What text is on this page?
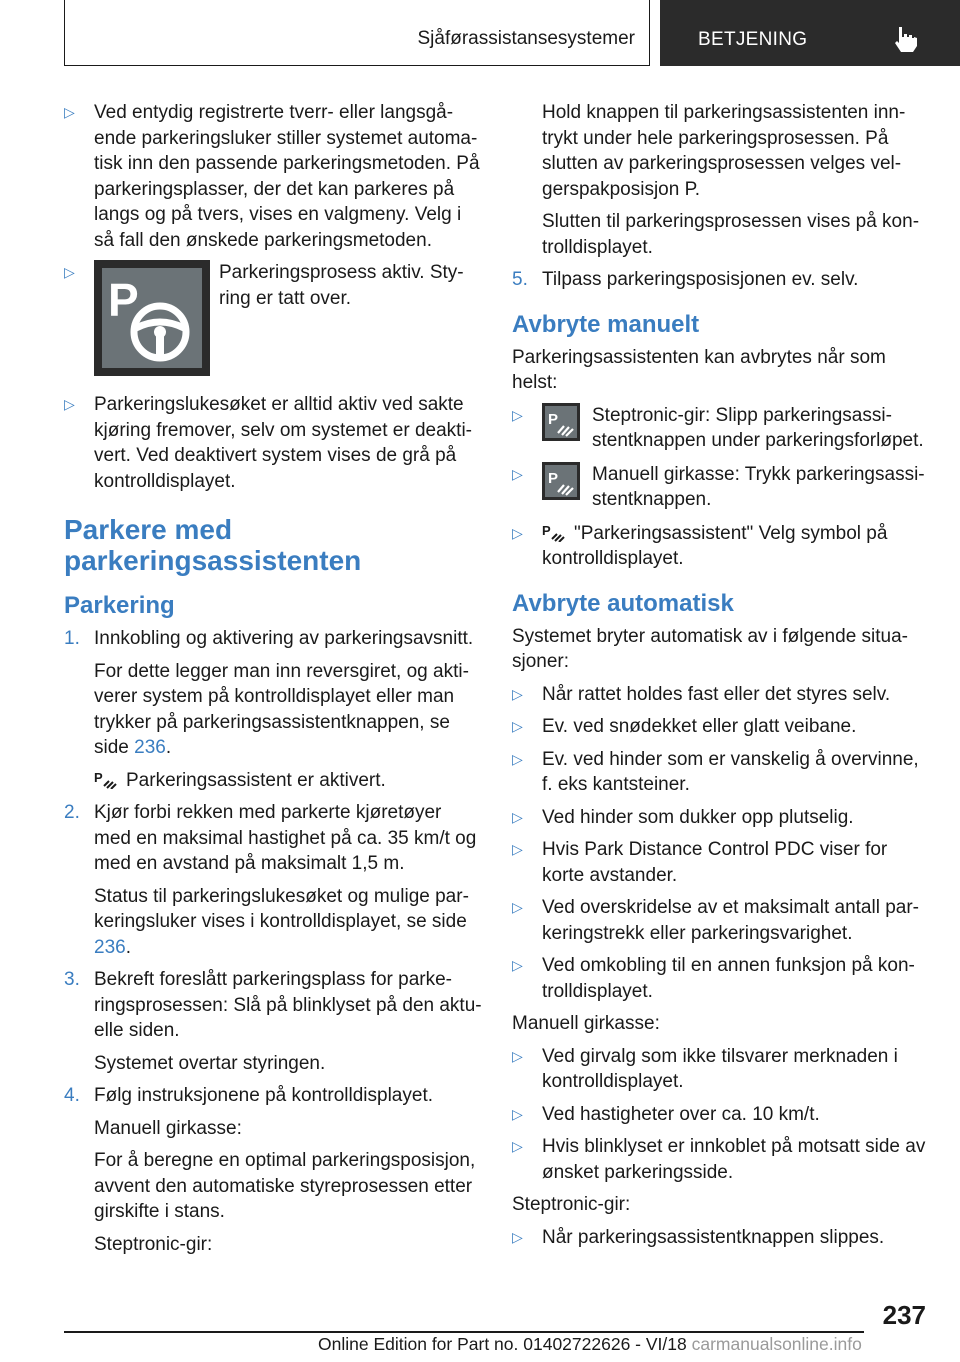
Sjåførassistansesystemer	BETJENING
▷	Ved entydig registrerte tverr- eller langsgående parkeringsluker stiller systemet automatisk inn den passende parkeringsmetoden. På parkeringsplasser, der det kan parkeres på langs og på tvers, vises en valgmeny. Velg i så fall den ønskede parkeringsmetoden.
▷
P
Parkeringsprosess aktiv. Styring er tatt over.
▷	Parkeringslukesøket er alltid aktiv ved sakte kjøring fremover, selv om systemet er deaktivert. Ved deaktivert system vises de grå på kontrolldisplayet.
Parkere med parkeringsassistenten
Parkering
1. Innkobling og aktivering av parkeringsavsnitt.
For dette legger man inn reversgiret, og aktiverer system på kontrolldisplayet eller man trykker på parkeringsassistentknappen, se side 236.
P Parkeringsassistent er aktivert.
2. Kjør forbi rekken med parkerte kjøretøyer med en maksimal hastighet på ca. 35 km/t og med en avstand på maksimalt 1,5 m.
Status til parkeringslukesøket og mulige parkeringsluker vises i kontrolldisplayet, se side 236.
3. Bekreft foreslått parkeringsplass for parkeringsprosessen: Slå på blinklyset på den aktuelle siden.
Systemet overtar styringen.
4. Følg instruksjonene på kontrolldisplayet.
Manuell girkasse:
For å beregne en optimal parkeringsposisjon, avvent den automatiske styreprosessen etter girskifte i stans.
Steptronic-gir:
Hold knappen til parkeringsassistenten inntrykt under hele parkeringsprosessen. På slutten av parkeringsprosessen velges velgerspakposisjon P.
Slutten til parkeringsprosessen vises på kontrolldisplayet.
5. Tilpass parkeringsposisjonen ev. selv.
Avbryte manuelt
Parkeringsassistenten kan avbrytes når som helst:
▷ P	Steptronic-gir: Slipp parkeringsassistentknappen under parkeringsforløpet.
▷ P	Manuell girkasse: Trykk parkeringsassistentknappen.
▷	P "Parkeringsassistent" Velg symbol på kontrolldisplayet.
Avbryte automatisk
Systemet bryter automatisk av i følgende situasjoner:
▷	Når rattet holdes fast eller det styres selv.
▷	Ev. ved snødekket eller glatt veibane.
▷	Ev. ved hinder som er vanskelig å overvinne, f. eks kantsteiner.
▷	Ved hinder som dukker opp plutselig.
▷	Hvis Park Distance Control PDC viser for korte avstander.
▷	Ved overskridelse av et maksimalt antall parkeringstrekk eller parkeringsvarighet.
▷	Ved omkobling til en annen funksjon på kontrolldisplayet.
Manuell girkasse:
▷	Ved girvalg som ikke tilsvarer merknaden i kontrolldisplayet.
▷	Ved hastigheter over ca. 10 km/t.
▷	Hvis blinklyset er innkoblet på motsatt side av ønsket parkeringsside.
Steptronic-gir:
▷	Når parkeringsassistentknappen slippes.
237
Online Edition for Part no. 01402722626 - VI/18 carmanualsonline.info
